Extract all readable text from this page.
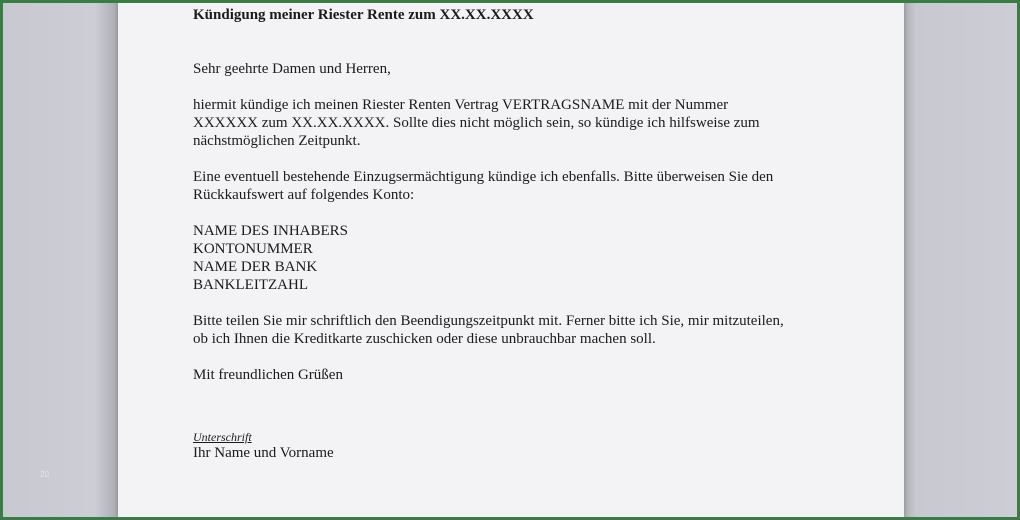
20

Kündigung meiner Riester Rente zum XX.XX.XXXX

Sehr geehrte Damen und Herren,

hiermit kündige ich meinen Riester Renten Vertrag VERTRAGSNAME mit der Nummer
XXXXXX zum XX.XX.XXXX. Sollte dies nicht möglich sein, so kündige ich hilfsweise zum
nächstmöglichen Zeitpunkt.

Eine eventuell bestehende Einzugsermächtigung kündige ich ebenfalls. Bitte überweisen Sie den
Rückkaufswert auf folgendes Konto:

NAME DES INHABERS
KONTONUMMER
NAME DER BANK
BANKLEITZAHL

Bitte teilen Sie mir schriftlich den Beendigungszeitpunkt mit. Ferner bitte ich Sie, mir mitzuteilen,
ob ich Ihnen die Kreditkarte zuschicken oder diese unbrauchbar machen soll.

Mit freundlichen Grüßen

Unterschrift

Ihr Name und Vorname
